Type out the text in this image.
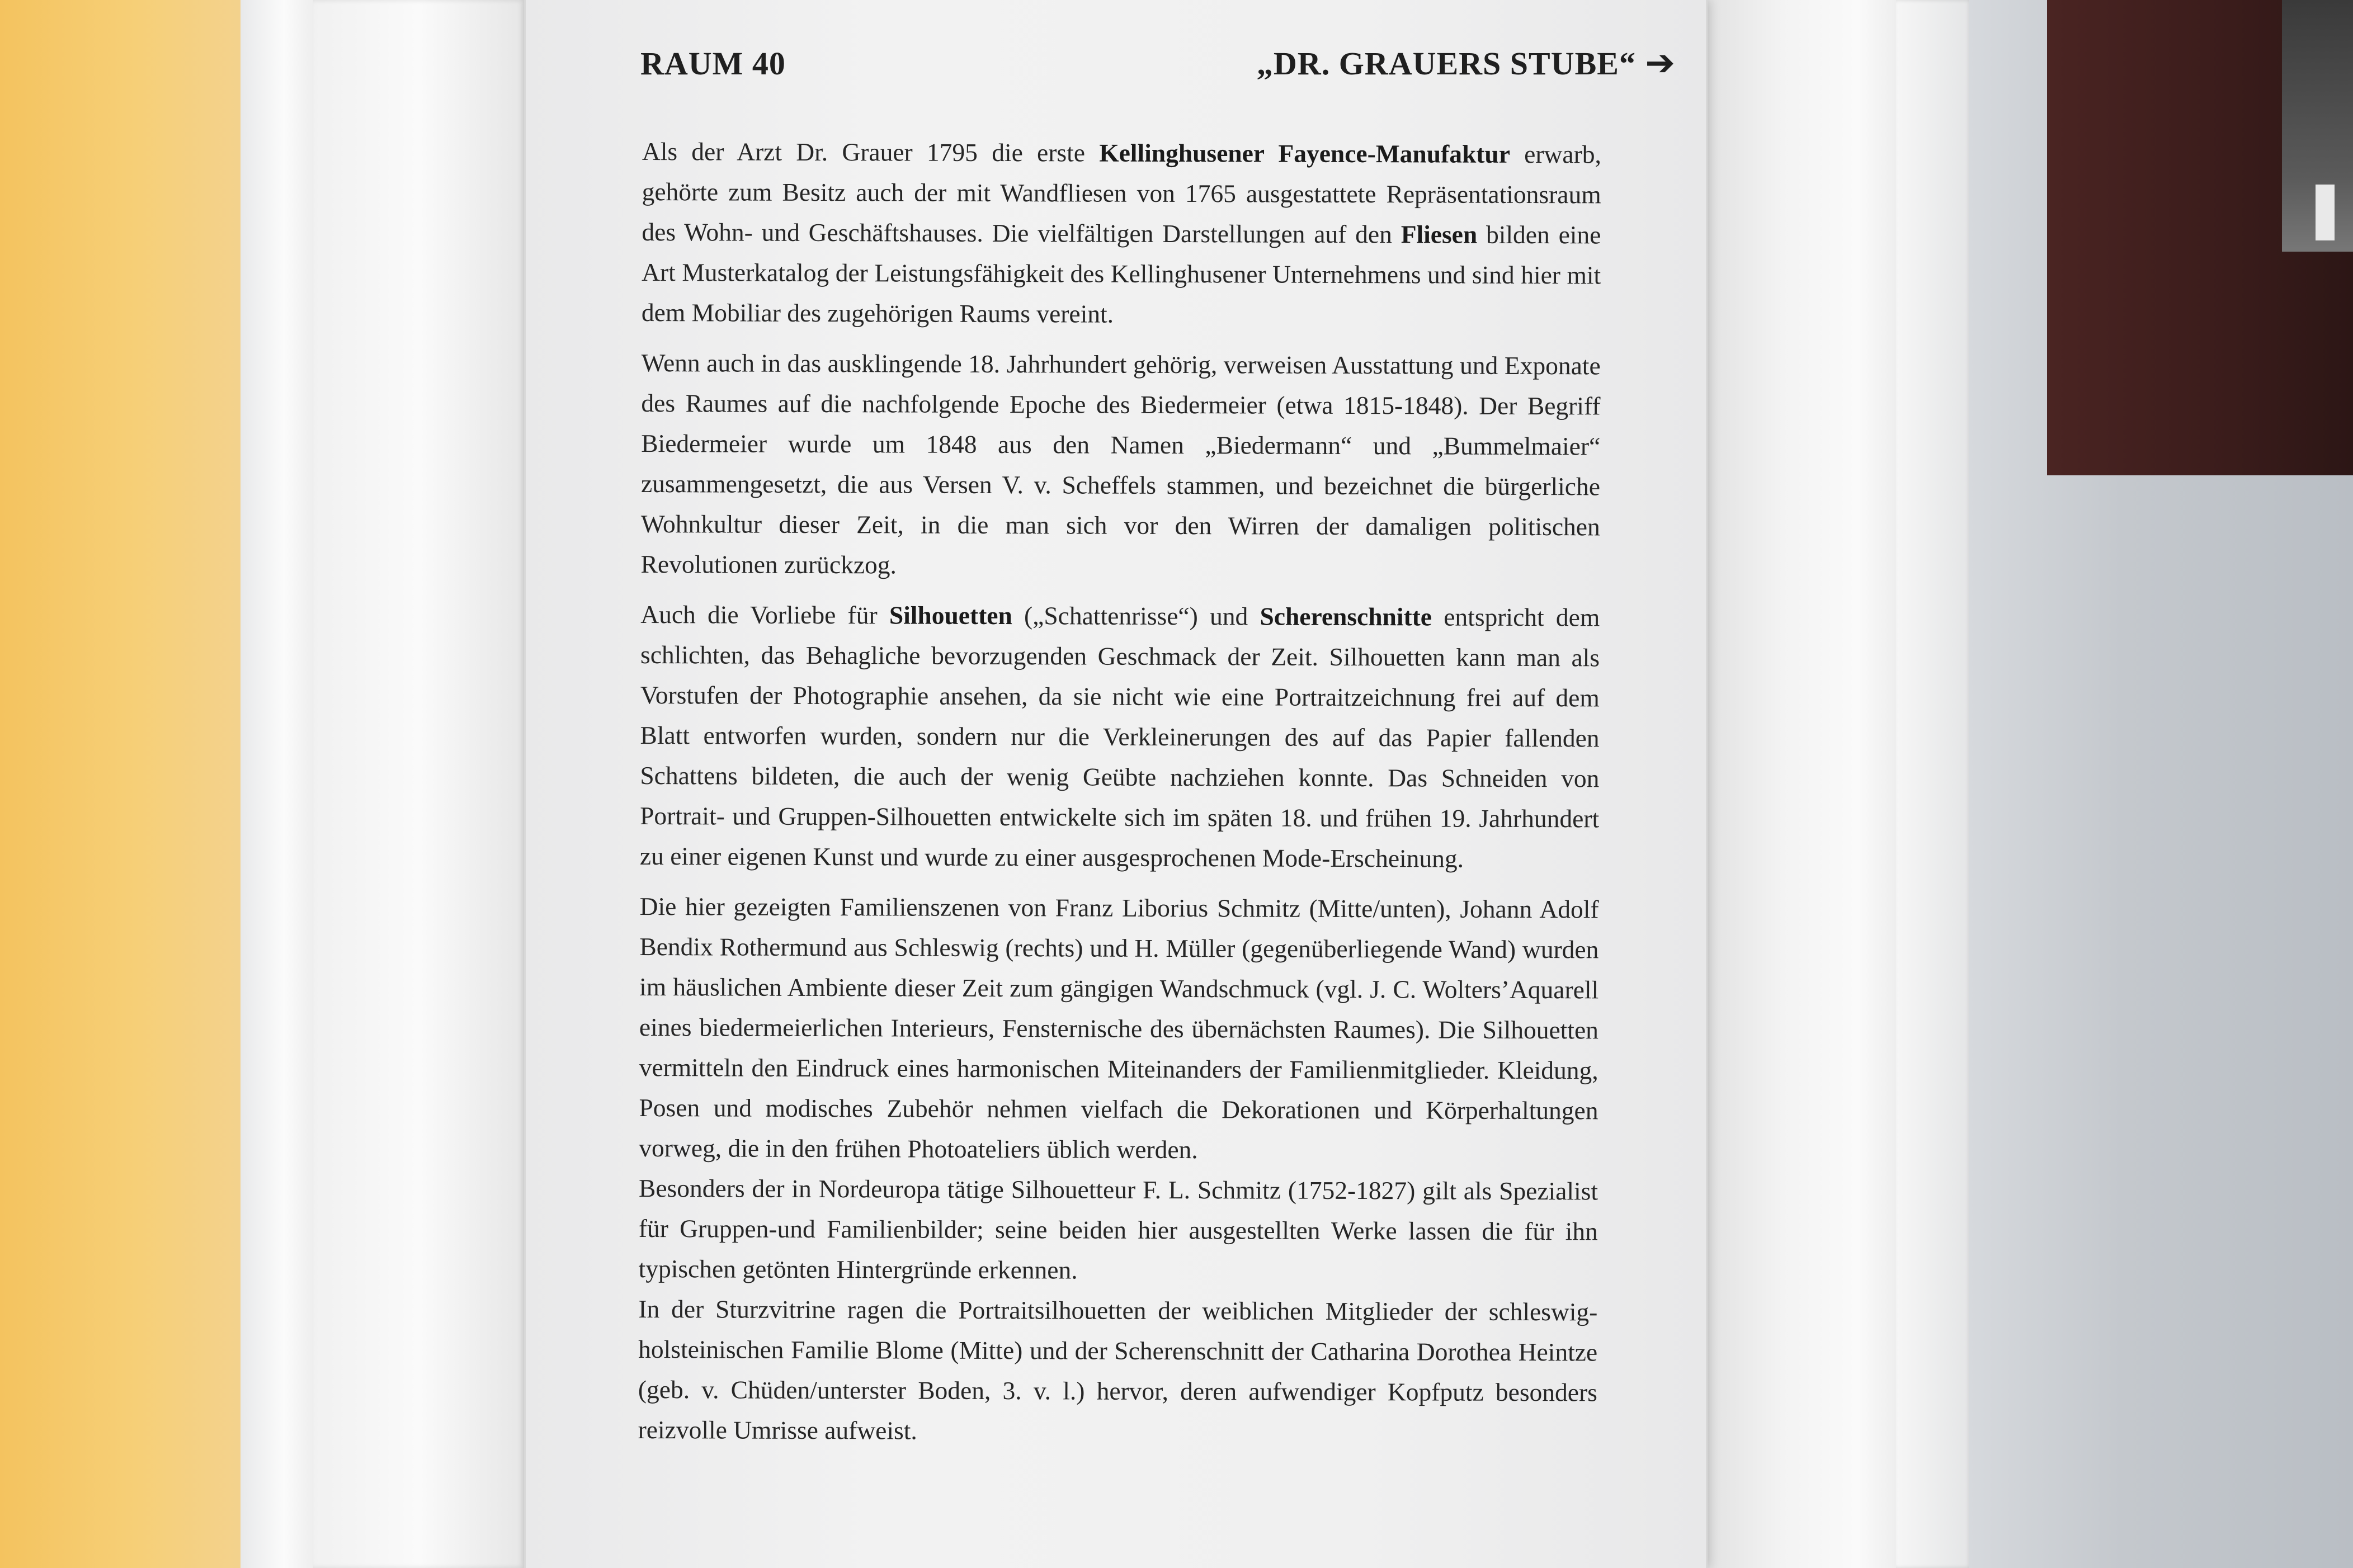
RAUM 40	„DR. GRAUERS STUBE“ ➔

Als der Arzt Dr. Grauer 1795 die erste Kellinghusener Fayence-Manufaktur erwarb, gehörte zum Besitz auch der mit Wandfliesen von 1765 ausgestattete Repräsentationsraum des Wohn- und Geschäftshauses. Die vielfältigen Darstellungen auf den Fliesen bilden eine Art Musterkatalog der Leistungsfähigkeit des Kellinghusener Unternehmens und sind hier mit dem Mobiliar des zugehörigen Raums vereint.

Wenn auch in das ausklingende 18. Jahrhundert gehörig, verweisen Ausstattung und Exponate des Raumes auf die nachfolgende Epoche des Biedermeier (etwa 1815-1848). Der Begriff Biedermeier wurde um 1848 aus den Namen „Biedermann“ und „Bummelmaier“ zusammengesetzt, die aus Versen V. v. Scheffels stammen, und bezeichnet die bürgerliche Wohnkultur dieser Zeit, in die man sich vor den Wirren der damaligen politischen Revolutionen zurückzog.

Auch die Vorliebe für Silhouetten („Schattenrisse“) und Scherenschnitte entspricht dem schlichten, das Behagliche bevorzugenden Geschmack der Zeit. Silhouetten kann man als Vorstufen der Photographie ansehen, da sie nicht wie eine Portraitzeichnung frei auf dem Blatt entworfen wurden, sondern nur die Verkleinerungen des auf das Papier fallenden Schattens bildeten, die auch der wenig Geübte nachziehen konnte. Das Schneiden von Portrait- und Gruppen-Silhouetten entwickelte sich im späten 18. und frühen 19. Jahrhundert zu einer eigenen Kunst und wurde zu einer ausgesprochenen Mode-Erscheinung.

Die hier gezeigten Familienszenen von Franz Liborius Schmitz (Mitte/unten), Johann Adolf Bendix Rothermund aus Schleswig (rechts) und H. Müller (gegenüberliegende Wand) wurden im häuslichen Ambiente dieser Zeit zum gängigen Wandschmuck (vgl. J. C. Wolters’Aquarell eines biedermeierlichen Interieurs, Fensternische des übernächsten Raumes). Die Silhouetten vermitteln den Eindruck eines harmonischen Miteinanders der Familienmitglieder. Kleidung, Posen und modisches Zubehör nehmen vielfach die Dekorationen und Körperhaltungen vorweg, die in den frühen Photoateliers üblich werden.

Besonders der in Nordeuropa tätige Silhouetteur F. L. Schmitz (1752-1827) gilt als Spezialist für Gruppen-und Familienbilder; seine beiden hier ausgestellten Werke lassen die für ihn typischen getönten Hintergründe erkennen.

In der Sturzvitrine ragen die Portraitsilhouetten der weiblichen Mitglieder der schleswig-holsteinischen Familie Blome (Mitte) und der Scherenschnitt der Catharina Dorothea Heintze (geb. v. Chüden/unterster Boden, 3. v. l.) hervor, deren aufwendiger Kopfputz besonders reizvolle Umrisse aufweist.
